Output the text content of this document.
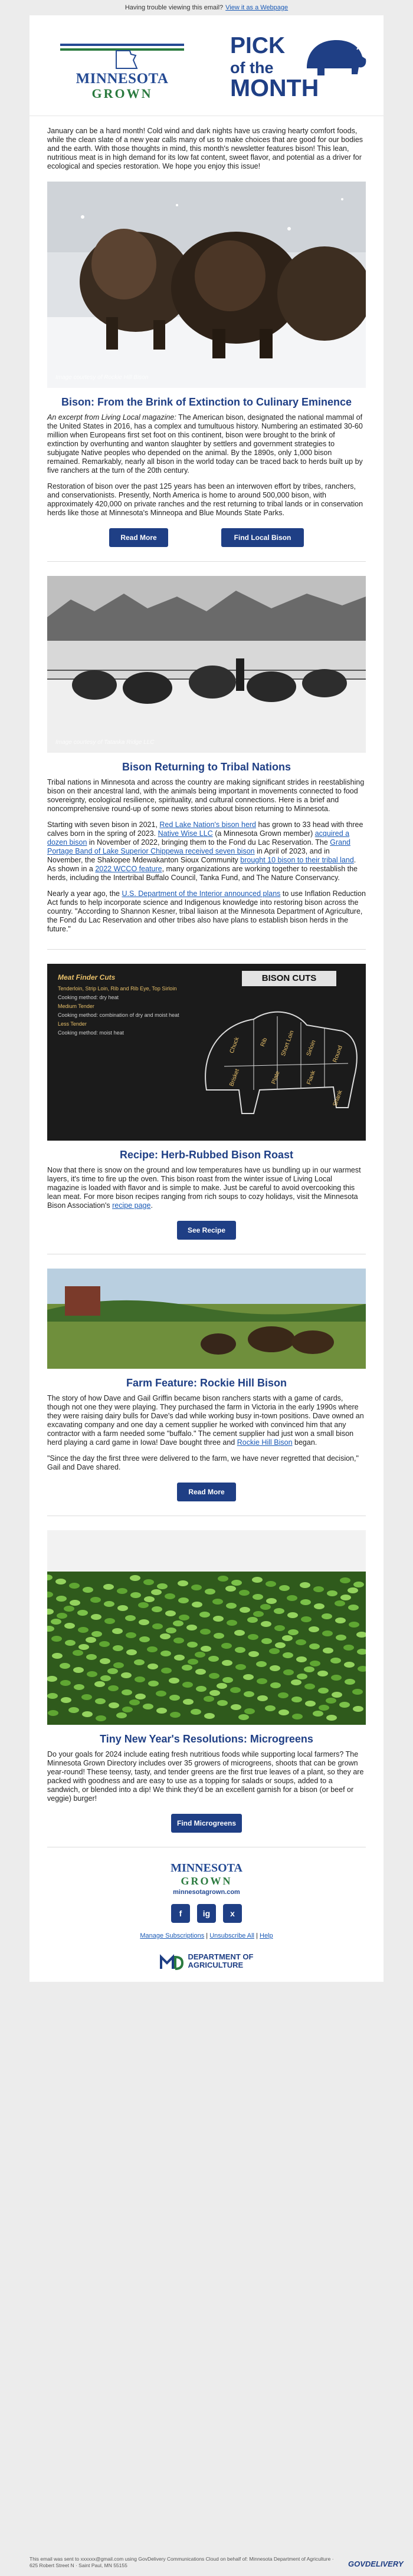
Having trouble viewing this email? View it as a Webpage
MINNESOTA
GROWN
PICK
of the
MONTH
January can be a hard month! Cold wind and dark nights have us craving hearty comfort foods, while the clean slate of a new year calls many of us to make choices that are good for our bodies and the earth. With those thoughts in mind, this month's newsletter features bison! This lean, nutritious meat is in high demand for its low fat content, sweet flavor, and potential as a driver for ecological and species restoration. We hope you enjoy this issue!
Image courtesy of Rockie Hill Bison
Bison: From the Brink of Extinction to Culinary Eminence

An excerpt from Living Local magazine: The American bison, designated the national mammal of the United States in 2016, has a complex and tumultuous history. Numbering an estimated 30-60 million when Europeans first set foot on this continent, bison were brought to the brink of extinction by overhunting and wanton slaughter by settlers and government strategies to subjugate Native peoples who depended on the animal. By the 1890s, only 1,000 bison remained. Remarkably, nearly all bison in the world today can be traced back to herds built up by five ranchers at the turn of the 20th century.

Restoration of bison over the past 125 years has been an interwoven effort by tribes, ranchers, and conservationists. Presently, North America is home to around 500,000 bison, with approximately 420,000 on private ranches and the rest returning to tribal lands or in conservation herds like those at Minnesota's Minneopa and Blue Mounds State Parks.

Read More	Find Local Bison
Image courtesy of Tatanka Ridge LLC
Bison Returning to Tribal Nations

Tribal nations in Minnesota and across the country are making significant strides in reestablishing bison on their ancestral land, with the animals being important in movements connected to food sovereignty, ecological resilience, spirituality, and cultural connections. Here is a brief and noncomprehensive round-up of some news stories about bison returning to Minnesota.

Starting with seven bison in 2021, Red Lake Nation's bison herd has grown to 33 head with three calves born in the spring of 2023. Native Wise LLC (a Minnesota Grown member) acquired a dozen bison in November of 2022, bringing them to the Fond du Lac Reservation. The Grand Portage Band of Lake Superior Chippewa received seven bison in April of 2023, and in November, the Shakopee Mdewakanton Sioux Community brought 10 bison to their tribal land. As shown in a 2022 WCCO feature, many organizations are working together to reestablish the herds, including the Intertribal Buffalo Council, Tanka Fund, and The Nature Conservancy.

Nearly a year ago, the U.S. Department of the Interior announced plans to use Inflation Reduction Act funds to help incorporate science and Indigenous knowledge into restoring bison across the country. "According to Shannon Kesner, tribal liaison at the Minnesota Department of Agriculture, the Fond du Lac Reservation and other tribes also have plans to establish bison herds in the future."

Meat Finder Cuts
Tenderloin, Strip Loin, Rib and Rib Eye, Top Sirloin
Cooking method: dry heat
Medium Tender
Cooking method: combination of dry and moist heat
Less Tender
Cooking method: moist heat
BISON CUTS
Chuck	Rib Short Loin Sirloin Round
Brisket	Plate	Flank
Shank
Recipe: Herb-Rubbed Bison Roast

Now that there is snow on the ground and low temperatures have us bundling up in our warmest layers, it's time to fire up the oven. This bison roast from the winter issue of Living Local magazine is loaded with flavor and is simple to make. Just be careful to avoid overcooking this lean meat. For more bison recipes ranging from rich soups to cozy holidays, visit the Minnesota Bison Association's recipe page.

See Recipe
Farm Feature: Rockie Hill Bison

The story of how Dave and Gail Griffin became bison ranchers starts with a game of cards, though not one they were playing. They purchased the farm in Victoria in the early 1990s where they were raising dairy bulls for Dave's dad while working busy in-town positions. Dave owned an excavating company and one day a cement supplier he worked with convinced him that any contractor with a farm needed some "buffalo." The cement supplier had just won a small bison herd playing a card game in Iowa! Dave bought three and Rockie Hill Bison began.

"Since the day the first three were delivered to the farm, we have never regretted that decision," Gail and Dave shared.

Read More
Tiny New Year's Resolutions: Microgreens

Do your goals for 2024 include eating fresh nutritious foods while supporting local farmers? The Minnesota Grown Directory includes over 35 growers of microgreens, shoots that can be grown year-round! These teensy, tasty, and tender greens are the first true leaves of a plant, so they are packed with goodness and are easy to use as a topping for salads or soups, added to a sandwich, or blended into a dip! We think they'd be an excellent garnish for a bison (or beef or veggie) burger!

Find Microgreens
MINNESOTA
GROWN
minnesotagrown.com
f	ig	x
Manage Subscriptions | Unsubscribe All | Help
DEPARTMENT OF
AGRICULTURE
This email was sent to xxxxxx@gmail.com using GovDelivery Communications Cloud on behalf of: Minnesota Department of Agriculture · 625 Robert Street N · Saint Paul, MN 55155	GOVDELIVERY
